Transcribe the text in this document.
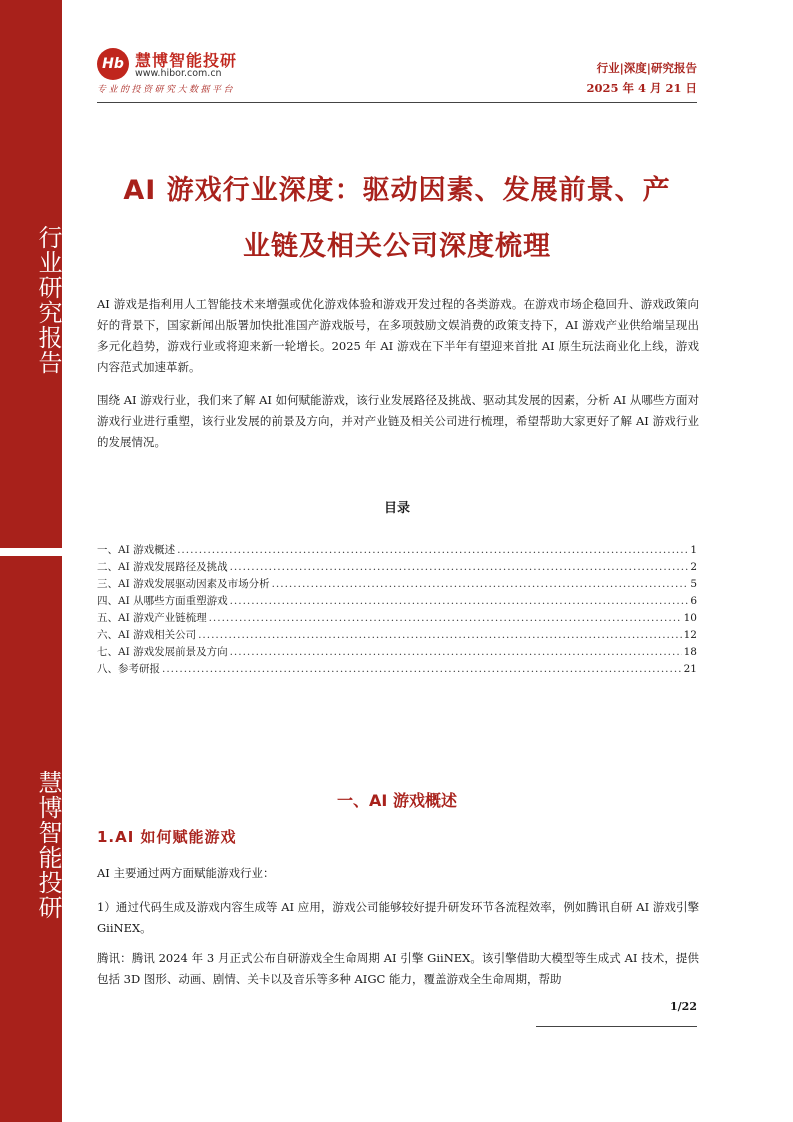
行业研究报告
慧博智能投研
Hb 慧博智能投研
www.hibor.com.cn
专业的投资研究大数据平台
行业|深度|研究报告
2025 年 4 月 21 日
AI 游戏行业深度：驱动因素、发展前景、产
业链及相关公司深度梳理
AI 游戏是指利用人工智能技术来增强或优化游戏体验和游戏开发过程的各类游戏。在游戏市场企稳回升、游戏政策向好的背景下，国家新闻出版署加快批准国产游戏版号，在多项鼓励文娱消费的政策支持下，AI 游戏产业供给端呈现出多元化趋势，游戏行业或将迎来新一轮增长。2025 年 AI 游戏在下半年有望迎来首批 AI 原生玩法商业化上线，游戏内容范式加速革新。
围绕 AI 游戏行业，我们来了解 AI 如何赋能游戏，该行业发展路径及挑战、驱动其发展的因素，分析 AI 从哪些方面对游戏行业进行重塑，该行业发展的前景及方向，并对产业链及相关公司进行梳理，希望帮助大家更好了解 AI 游戏行业的发展情况。
目录
一、AI 游戏概述 .....	1
二、AI 游戏发展路径及挑战 .....	2
三、AI 游戏发展驱动因素及市场分析 .....	5
四、AI 从哪些方面重塑游戏 .....	6
五、AI 游戏产业链梳理 .....	10
六、AI 游戏相关公司 .....	12
七、AI 游戏发展前景及方向 .....	18
八、参考研报 .....	21
一、AI 游戏概述
1.AI 如何赋能游戏
AI 主要通过两方面赋能游戏行业：
1）通过代码生成及游戏内容生成等 AI 应用，游戏公司能够较好提升研发环节各流程效率，例如腾讯自研 AI 游戏引擎 GiiNEX。
腾讯：腾讯 2024 年 3 月正式公布自研游戏全生命周期 AI 引擎 GiiNEX。该引擎借助大模型等生成式 AI 技术，提供包括 3D 图形、动画、剧情、关卡以及音乐等多种 AIGC 能力，覆盖游戏全生命周期，帮助
1/22
